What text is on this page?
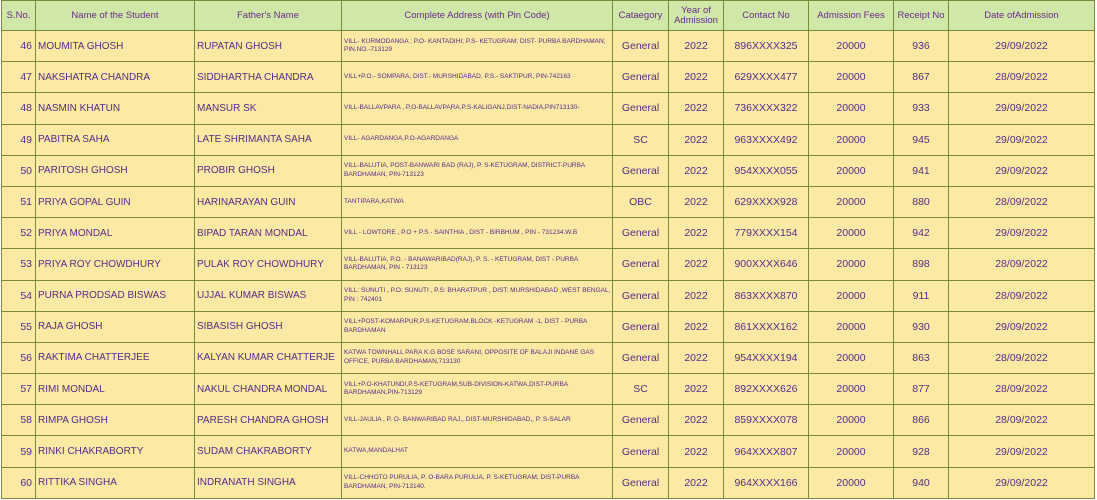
S.No.	Name of the Student	Father's Name	Complete Address (with Pin Code)	Cataegory	Year of Admission	Contact No	Admission Fees	Receipt No	Date ofAdmission
46	MOUMITA GHOSH	RUPATAN GHOSH	VILL- KURMODANGA ; P.O- KANTADIHI; P.S- KETUGRAM; DIST- PURBA BARDHAMAN; PIN.NO.-713129	General	2022	896XXXX325	20000	936	29/09/2022
47	NAKSHATRA CHANDRA	SIDDHARTHA CHANDRA	VILL+P.O.- SOMPARA, DIST.- MURSHIDABAD, P.S.- SAKTIPUR, PIN-742163	General	2022	629XXXX477	20000	867	28/09/2022
48	NASMIN KHATUN	MANSUR SK	VILL-BALLAVPARA , P.O-BALLAVPARA,P.S-KALIGANJ,DIST-NADIA,PIN713130-	General	2022	736XXXX322	20000	933	29/09/2022
49	PABITRA SAHA	LATE SHRIMANTA SAHA	VILL- AGARDANGA,P.O-AGARDANGA	SC	2022	963XXXX492	20000	945	29/09/2022
50	PARITOSH GHOSH	PROBIR GHOSH	VILL-BALUTIA, POST-BANWARI BAD (RAJ), P. S-KETUGRAM, DISTRICT-PURBA BARDHAMAN, PIN-713123	General	2022	954XXXX055	20000	941	29/09/2022
51	PRIYA GOPAL GUIN	HARINARAYAN GUIN	TANTIPARA,KATWA	OBC	2022	629XXXX928	20000	880	28/09/2022
52	PRIYA MONDAL	BIPAD TARAN MONDAL	VILL - LOWTORE , P.O + P.S - SAINTHIA , DIST - BIRBHUM , PIN - 731234.W.B	General	2022	779XXXX154	20000	942	29/09/2022
53	PRIYA ROY CHOWDHURY	PULAK ROY CHOWDHURY	VILL-BALUTIA, P.O. - BANAWARIBAD(RAJ), P. S. - KETUGRAM, DIST - PURBA BARDHAMAN, PIN - 713123	General	2022	900XXXX646	20000	898	28/09/2022
54	PURNA PRODSAD BISWAS	UJJAL KUMAR BISWAS	VILL: SUNUTI , P.O: SUNUTI , P.S: BHARATPUR , DIST: MURSHIDABAD ,WEST BENGAL, PIN : 742401	General	2022	863XXXX870	20000	911	28/09/2022
55	RAJA GHOSH	SIBASISH GHOSH	VILL+POST-KOMARPUR,P.S-KETUGRAM,BLOCK -KETUGRAM -1, DIST - PURBA BARDHAMAN	General	2022	861XXXX162	20000	930	29/09/2022
56	RAKTIMA CHATTERJEE	KALYAN KUMAR CHATTERJE	KATWA TOWNHALL PARA K.G BOSE SARANI, OPPOSITE OF BALAJI INDANE GAS OFFICE, PURBA BARDHAMAN,713130	General	2022	954XXXX194	20000	863	28/09/2022
57	RIMI MONDAL	NAKUL CHANDRA MONDAL	VILL+P.O-KHATUNDI,P.S-KETUGRAM,SUB-DIVISION-KATWA,DIST-PURBA BARDHAMAN,PIN-713129	SC	2022	892XXXX626	20000	877	28/09/2022
58	RIMPA GHOSH	PARESH CHANDRA GHOSH	VILL-JAULIA , P. O- BANWARIBAD RAJ,, DIST-MURSHIDABAD,, P. S-SALAR	General	2022	859XXXX078	20000	866	28/09/2022
59	RINKI CHAKRABORTY	SUDAM CHAKRABORTY	KATWA,MANDALHAT	General	2022	964XXXX807	20000	928	29/09/2022
60	RITTIKA SINGHA	INDRANATH SINGHA	VILL-CHHOTO PURULIA, P. O-BARA PURULIA, P. S-KETUGRAM, DIST-PURBA BARDHAMAN, PIN-713140.	General	2022	964XXXX166	20000	940	29/09/2022
